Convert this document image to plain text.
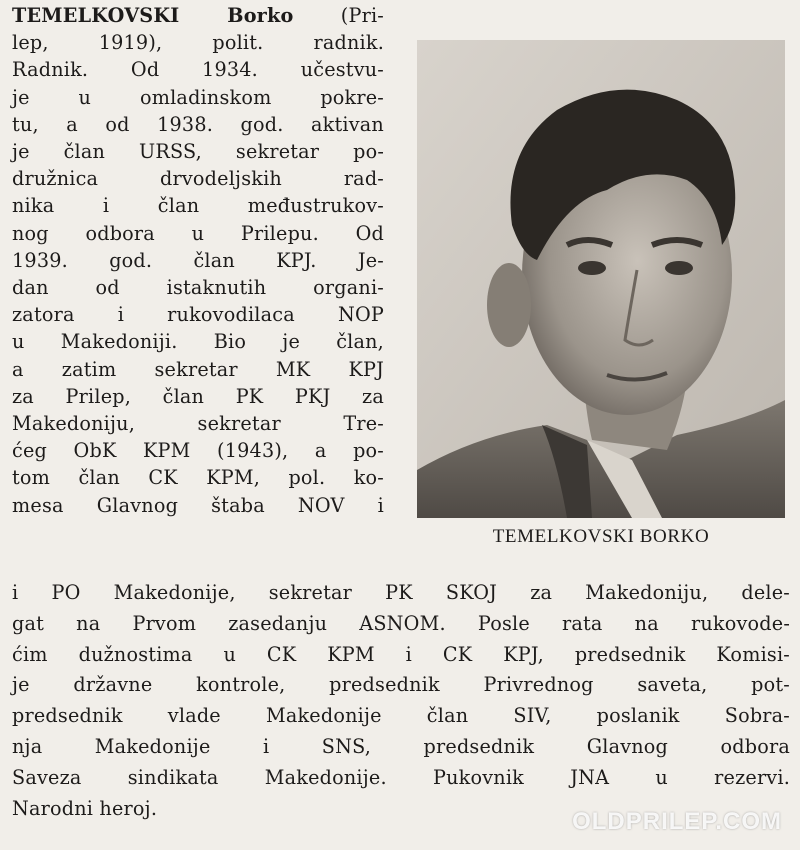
TEMELKOVSKI Borko (Pri-
lep, 1919), polit. radnik.
Radnik. Od 1934. učestvu-
je u omladinskom pokre-
tu, a od 1938. god. aktivan
je član URSS, sekretar po-
družnica drvodeljskih rad-
nika i član međustrukov-
nog odbora u Prilepu. Od
1939. god. član KPJ. Je-
dan od istaknutih organi-
zatora i rukovodilaca NOP
u Makedoniji. Bio je član,
a zatim sekretar MK KPJ
za Prilep, član PK PKJ za
Makedoniju, sekretar Tre-
ćeg ObK KPM (1943), a po-
tom član CK KPM, pol. ko-
mesa Glavnog štaba NOV i
i PO Makedonije, sekretar PK SKOJ za Makedoniju, dele-
gat na Prvom zasedanju ASNOM. Posle rata na rukovode-
ćim dužnostima u CK KPM i CK KPJ, predsednik Komisi-
je državne kontrole, predsednik Privrednog saveta, pot-
predsednik vlade Makedonije član SIV, poslanik Sobra-
nja Makedonije i SNS, predsednik Glavnog odbora
Saveza sindikata Makedonije. Pukovnik JNA u rezervi.
Narodni heroj.
TEMELKOVSKI BORKO
OLDPRILEP.COM
